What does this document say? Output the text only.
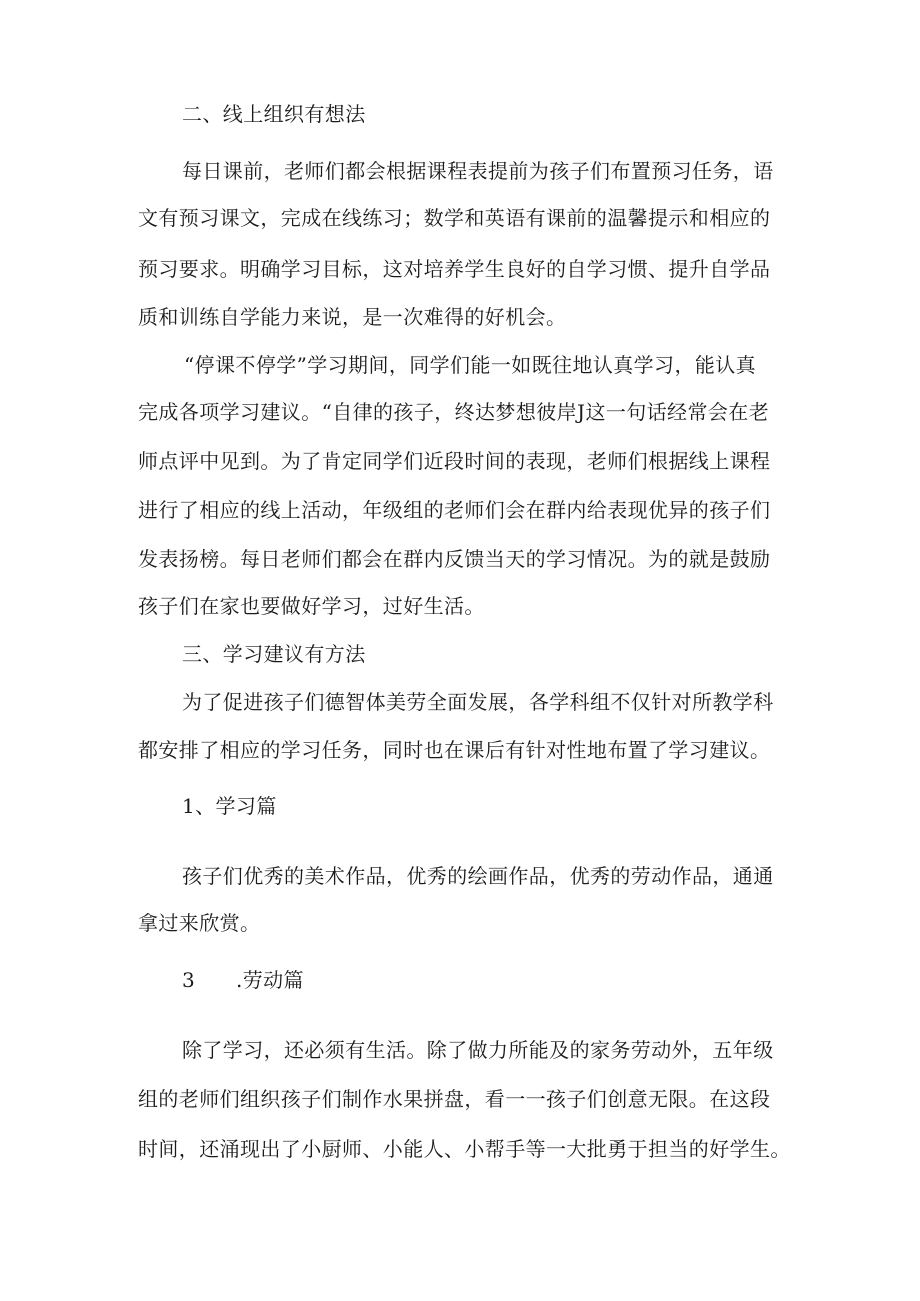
二、线上组织有想法
每日课前，老师们都会根据课程表提前为孩子们布置预习任务，语
文有预习课文，完成在线练习；数学和英语有课前的温馨提示和相应的
预习要求。明确学习目标，这对培养学生良好的自学习惯、提升自学品
质和训练自学能力来说，是一次难得的好机会。
“停课不停学”学习期间，同学们能一如既往地认真学习，能认真
完成各项学习建议。“自律的孩子，终达梦想彼岸J这一句话经常会在老
师点评中见到。为了肯定同学们近段时间的表现，老师们根据线上课程
进行了相应的线上活动，年级组的老师们会在群内给表现优异的孩子们
发表扬榜。每日老师们都会在群内反馈当天的学习情况。为的就是鼓励
孩子们在家也要做好学习，过好生活。
三、学习建议有方法
为了促进孩子们德智体美劳全面发展，各学科组不仅针对所教学科
都安排了相应的学习任务，同时也在课后有针对性地布置了学习建议。
1、学习篇
孩子们优秀的美术作品，优秀的绘画作品，优秀的劳动作品，通通
拿过来欣赏。
3 .劳动篇
除了学习，还必须有生活。除了做力所能及的家务劳动外，五年级
组的老师们组织孩子们制作水果拼盘，看一一孩子们创意无限。在这段
时间，还涌现出了小厨师、小能人、小帮手等一大批勇于担当的好学生。
